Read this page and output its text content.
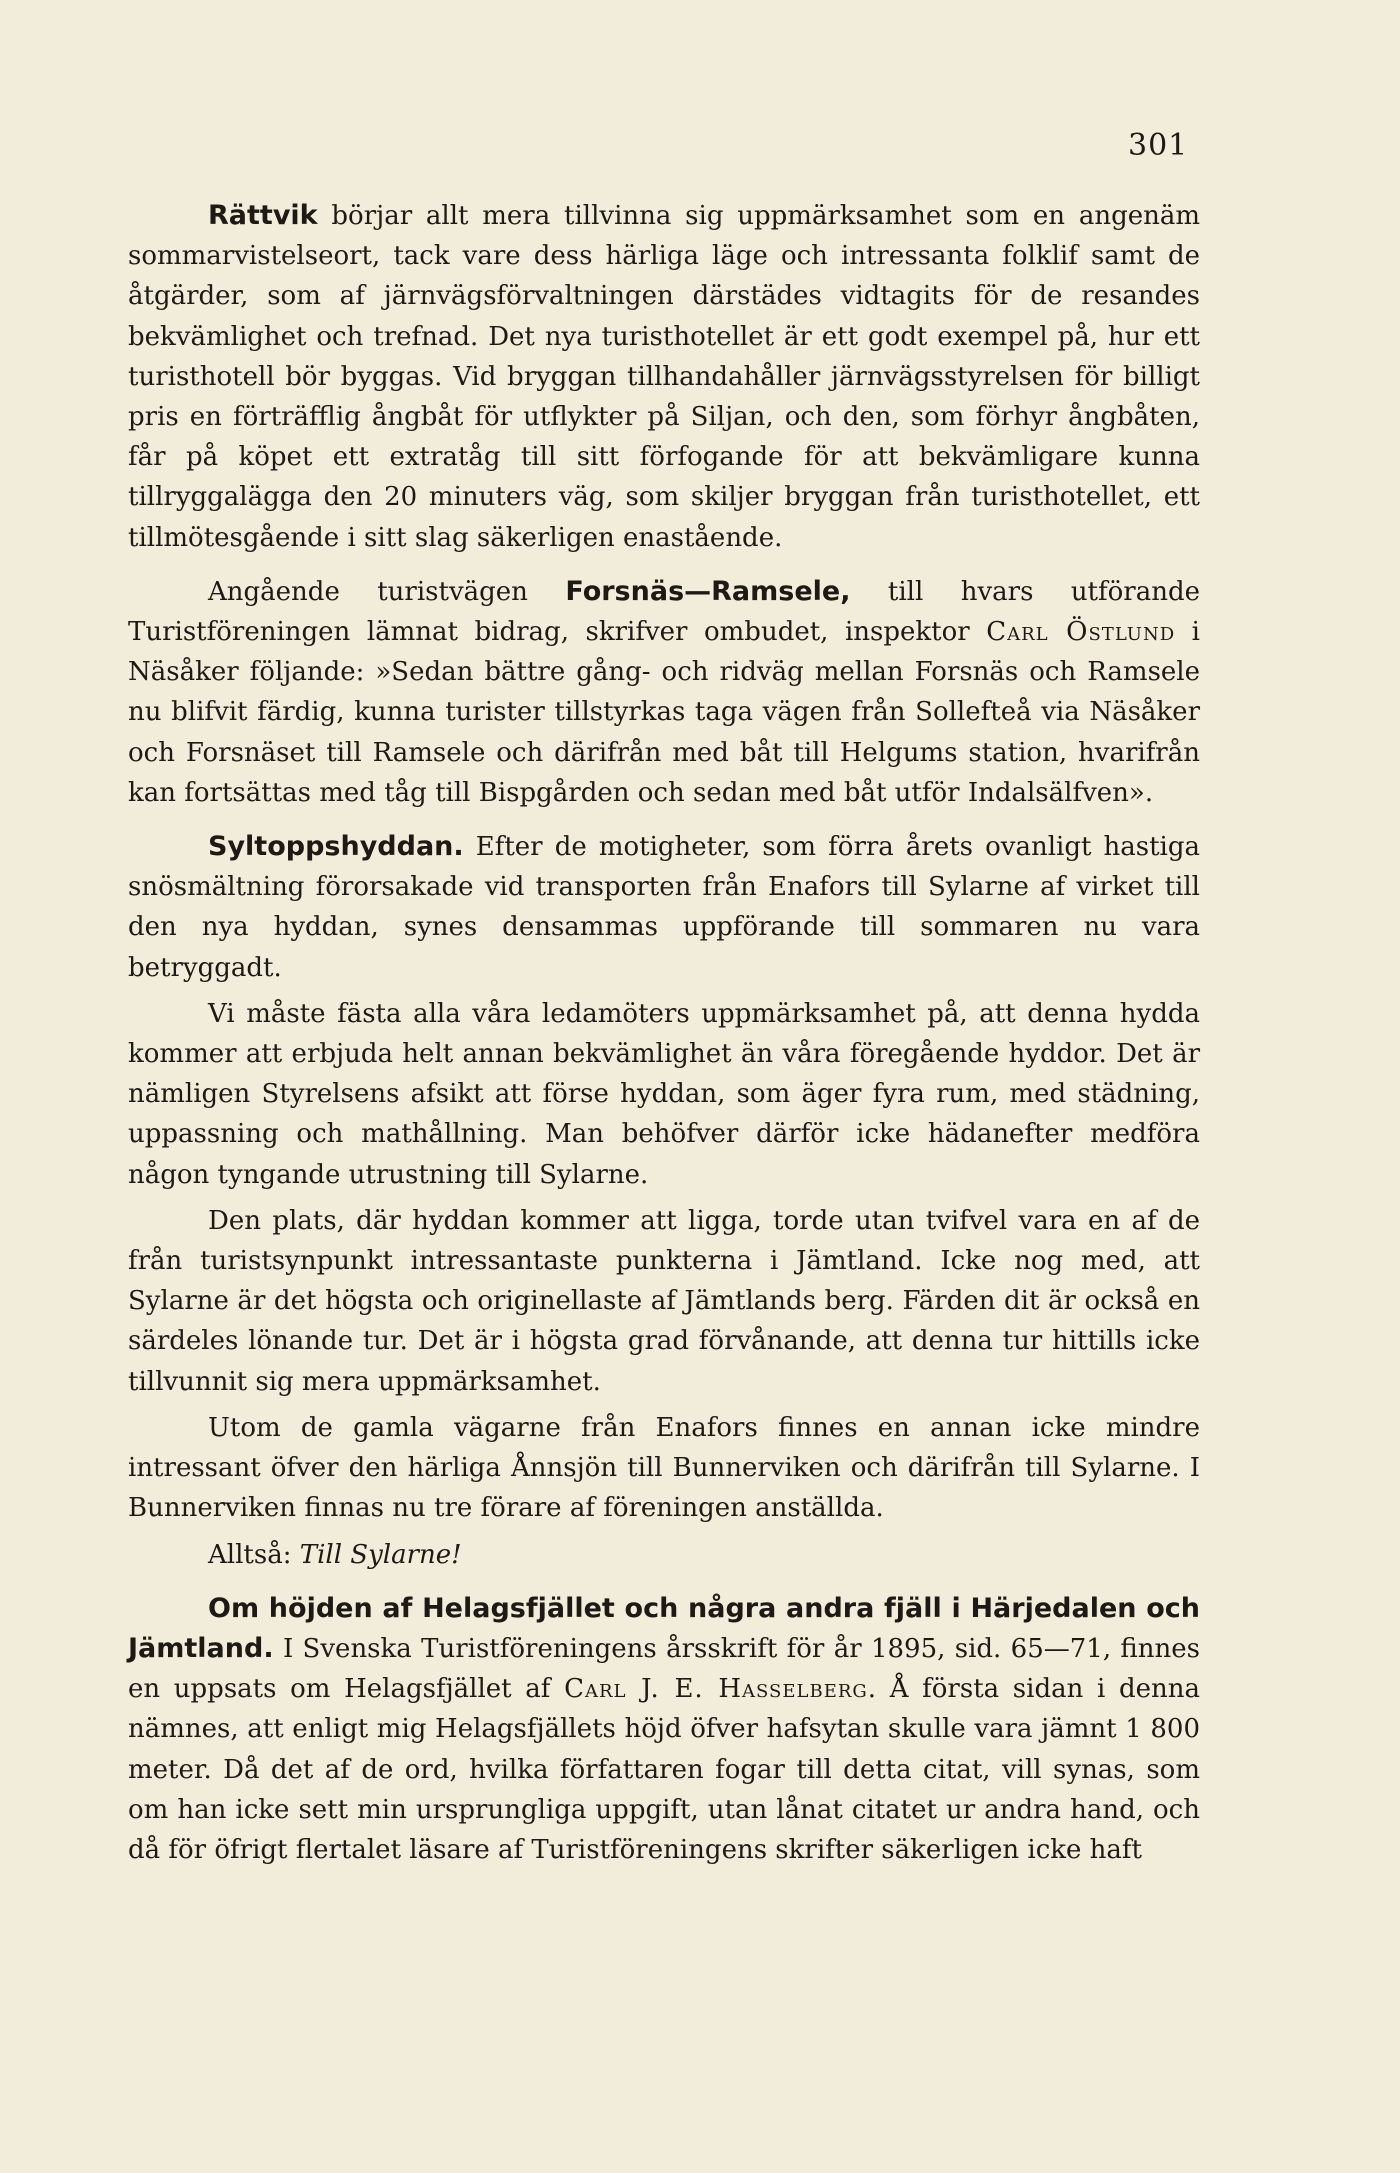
301

Rättvik börjar allt mera tillvinna sig uppmärksamhet som en angenäm sommarvistelseort, tack vare dess härliga läge och intressanta folklif samt de åtgärder, som af järnvägsförvaltningen därstädes vidtagits för de resandes bekvämlighet och trefnad. Det nya turisthotellet är ett godt exempel på, hur ett turisthotell bör byggas. Vid bryggan tillhandahåller järnvägsstyrelsen för billigt pris en förträfflig ångbåt för utflykter på Siljan, och den, som förhyr ångbåten, får på köpet ett extratåg till sitt förfogande för att bekvämligare kunna tillryggalägga den 20 minuters väg, som skiljer bryggan från turisthotellet, ett tillmötesgående i sitt slag säkerligen enastående.

Angående turistvägen Forsnäs—Ramsele, till hvars utförande Turistföreningen lämnat bidrag, skrifver ombudet, inspektor Carl Östlund i Näsåker följande: »Sedan bättre gång- och ridväg mellan Forsnäs och Ramsele nu blifvit färdig, kunna turister tillstyrkas taga vägen från Sollefteå via Näsåker och Forsnäset till Ramsele och därifrån med båt till Helgums station, hvarifrån kan fortsättas med tåg till Bispgården och sedan med båt utför Indalsälfven».

Syltoppshyddan. Efter de motigheter, som förra årets ovanligt hastiga snösmältning förorsakade vid transporten från Enafors till Sylarne af virket till den nya hyddan, synes densammas uppförande till sommaren nu vara betryggadt.

Vi måste fästa alla våra ledamöters uppmärksamhet på, att denna hydda kommer att erbjuda helt annan bekvämlighet än våra föregående hyddor. Det är nämligen Styrelsens afsikt att förse hyddan, som äger fyra rum, med städning, uppassning och mathållning. Man behöfver därför icke hädanefter medföra någon tyngande utrustning till Sylarne.

Den plats, där hyddan kommer att ligga, torde utan tvifvel vara en af de från turistsynpunkt intressantaste punkterna i Jämtland. Icke nog med, att Sylarne är det högsta och originellaste af Jämtlands berg. Färden dit är också en särdeles lönande tur. Det är i högsta grad förvånande, att denna tur hittills icke tillvunnit sig mera uppmärksamhet.

Utom de gamla vägarne från Enafors finnes en annan icke mindre intressant öfver den härliga Ånnsjön till Bunnerviken och därifrån till Sylarne. I Bunnerviken finnas nu tre förare af föreningen anställda.

Alltså: Till Sylarne!

Om höjden af Helagsfjället och några andra fjäll i Härjedalen och Jämtland. I Svenska Turistföreningens årsskrift för år 1895, sid. 65—71, finnes en uppsats om Helagsfjället af Carl J. E. Hasselberg. Å första sidan i denna nämnes, att enligt mig Helagsfjällets höjd öfver hafsytan skulle vara jämnt 1 800 meter. Då det af de ord, hvilka författaren fogar till detta citat, vill synas, som om han icke sett min ursprungliga uppgift, utan lånat citatet ur andra hand, och då för öfrigt flertalet läsare af Turistföreningens skrifter säkerligen icke haft
